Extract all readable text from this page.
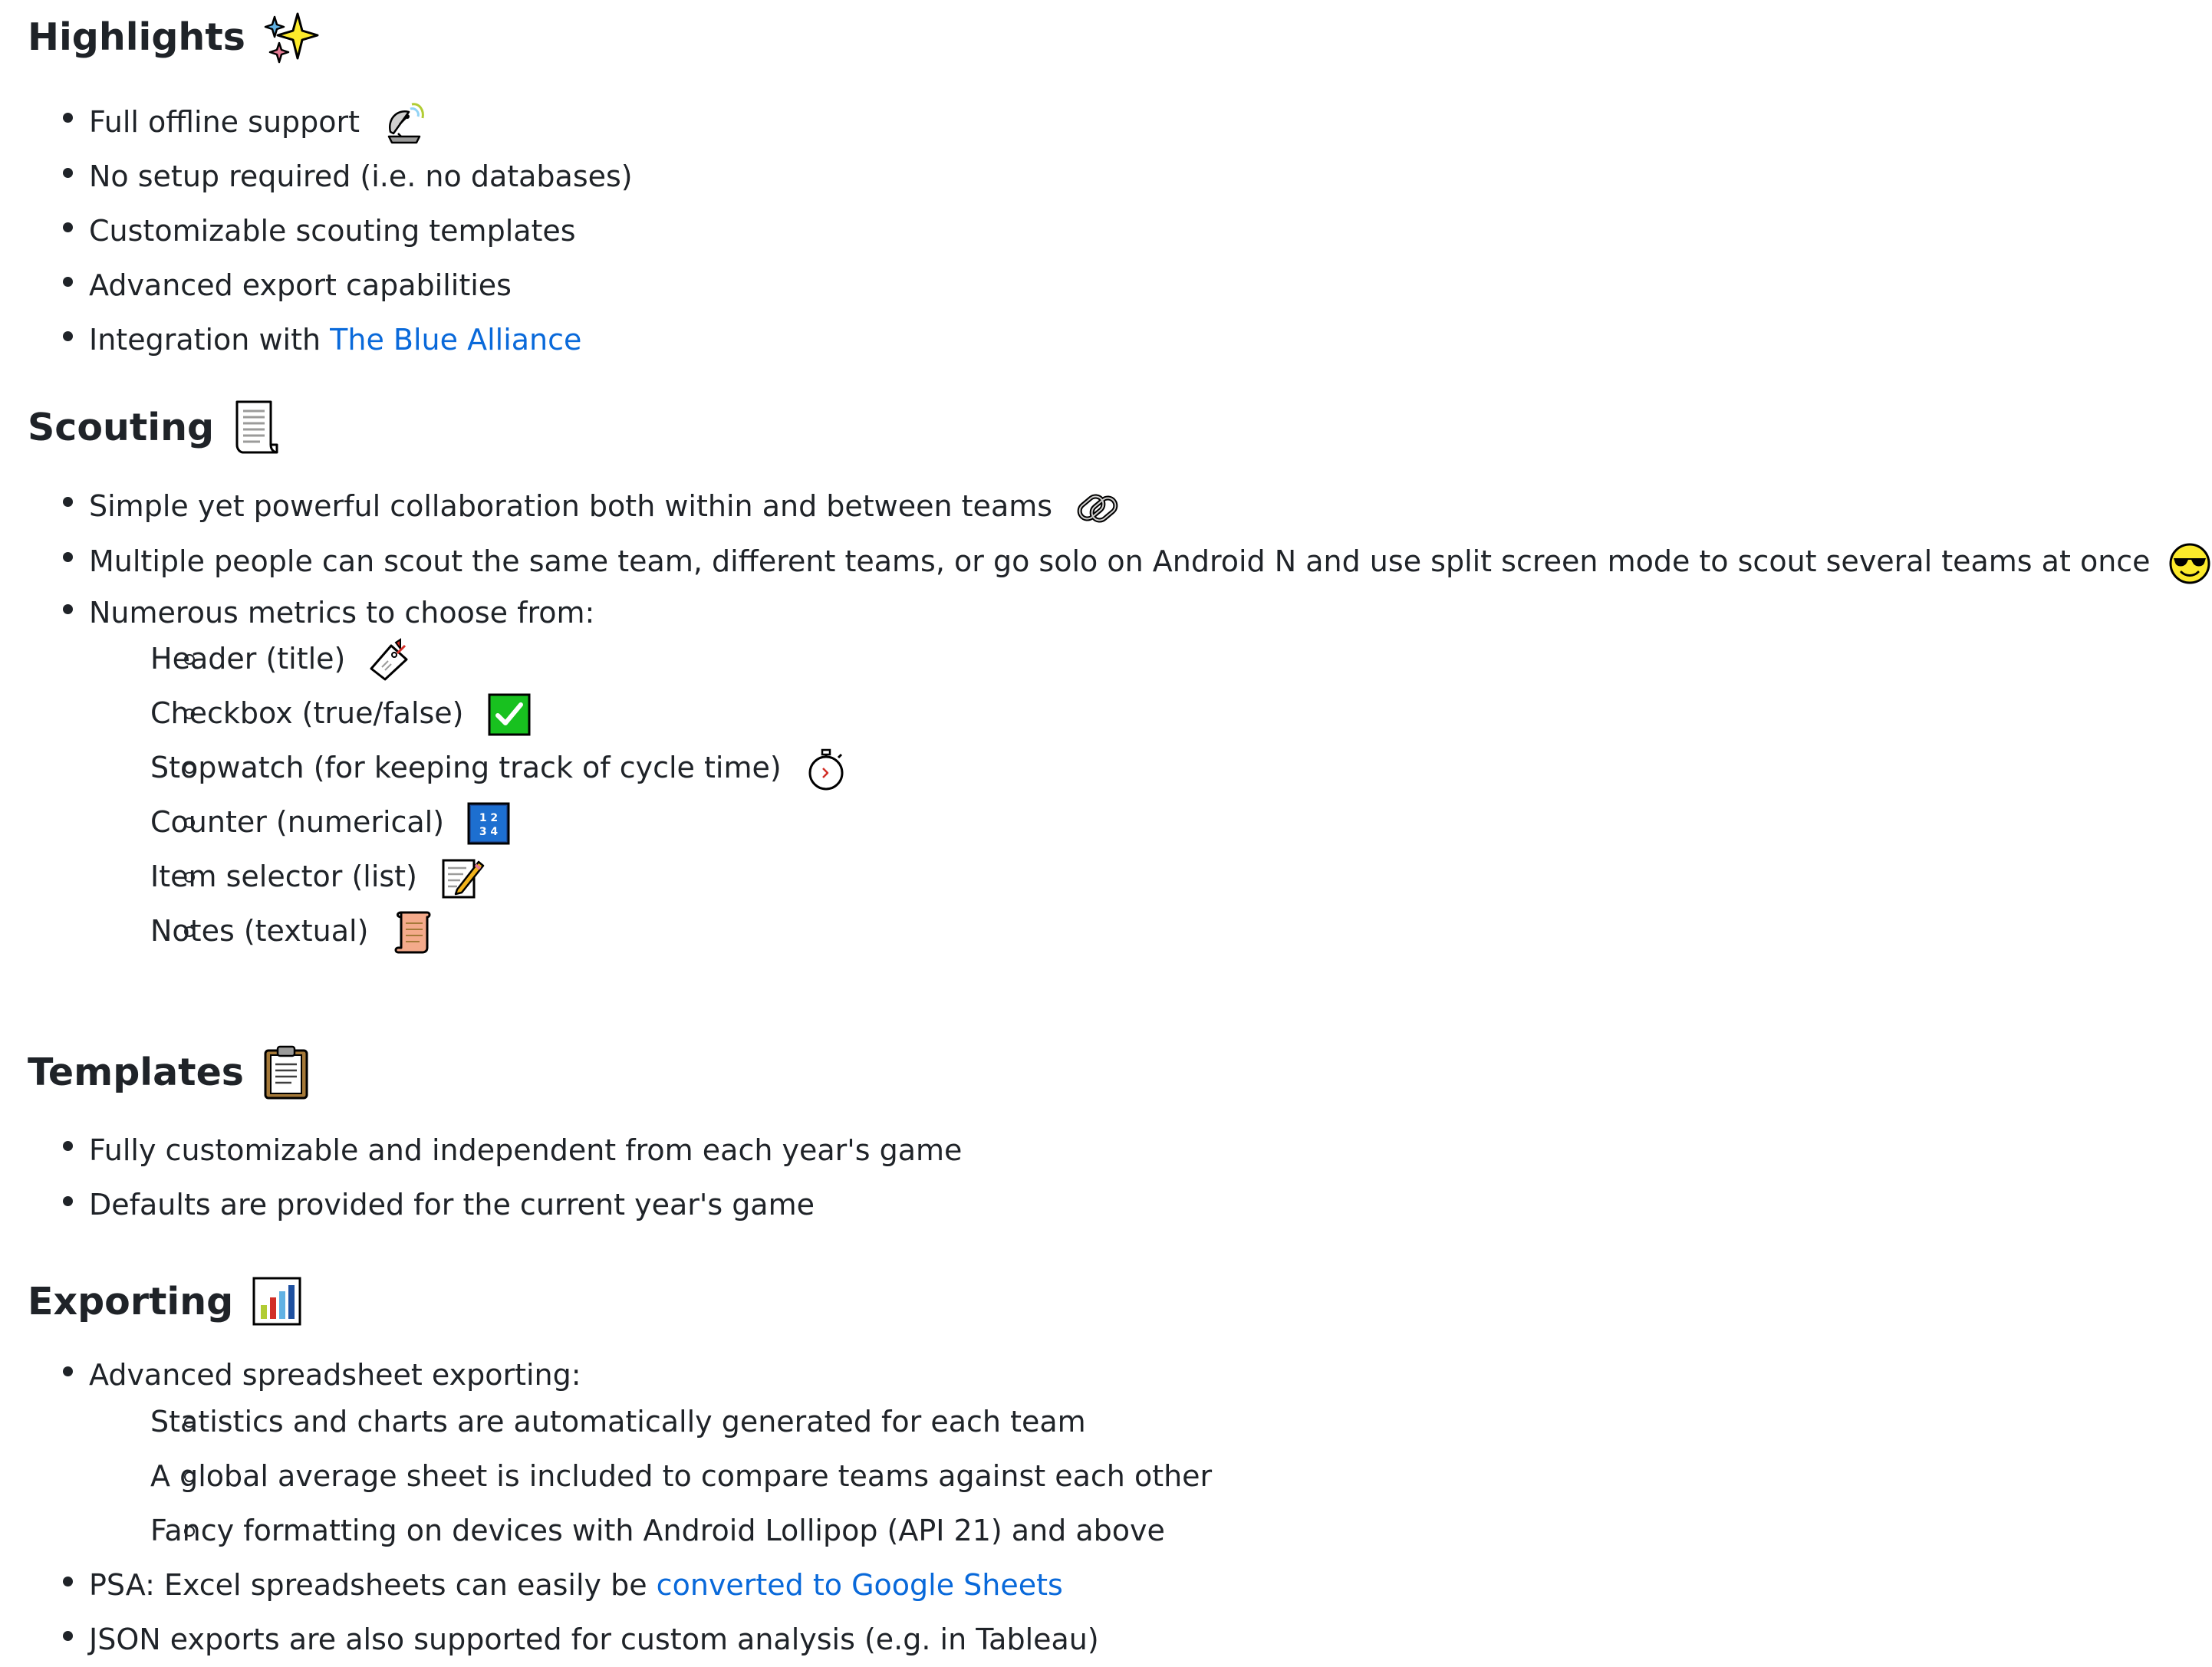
Highlights
Full offline support
No setup required (i.e. no databases)
Customizable scouting templates
Advanced export capabilities
Integration with The Blue Alliance
Scouting
Simple yet powerful collaboration both within and between teams
Multiple people can scout the same team, different teams, or go solo on Android N and use split screen mode to scout several teams at once
Numerous metrics to choose from:
Header (title)
Checkbox (true/false)
Stopwatch (for keeping track of cycle time)
Counter (numerical)	1 2
3 4
Item selector (list)
Notes (textual)
Templates
Fully customizable and independent from each year's game
Defaults are provided for the current year's game
Exporting
Advanced spreadsheet exporting:
Statistics and charts are automatically generated for each team
A global average sheet is included to compare teams against each other
Fancy formatting on devices with Android Lollipop (API 21) and above
PSA: Excel spreadsheets can easily be converted to Google Sheets
JSON exports are also supported for custom analysis (e.g. in Tableau)
